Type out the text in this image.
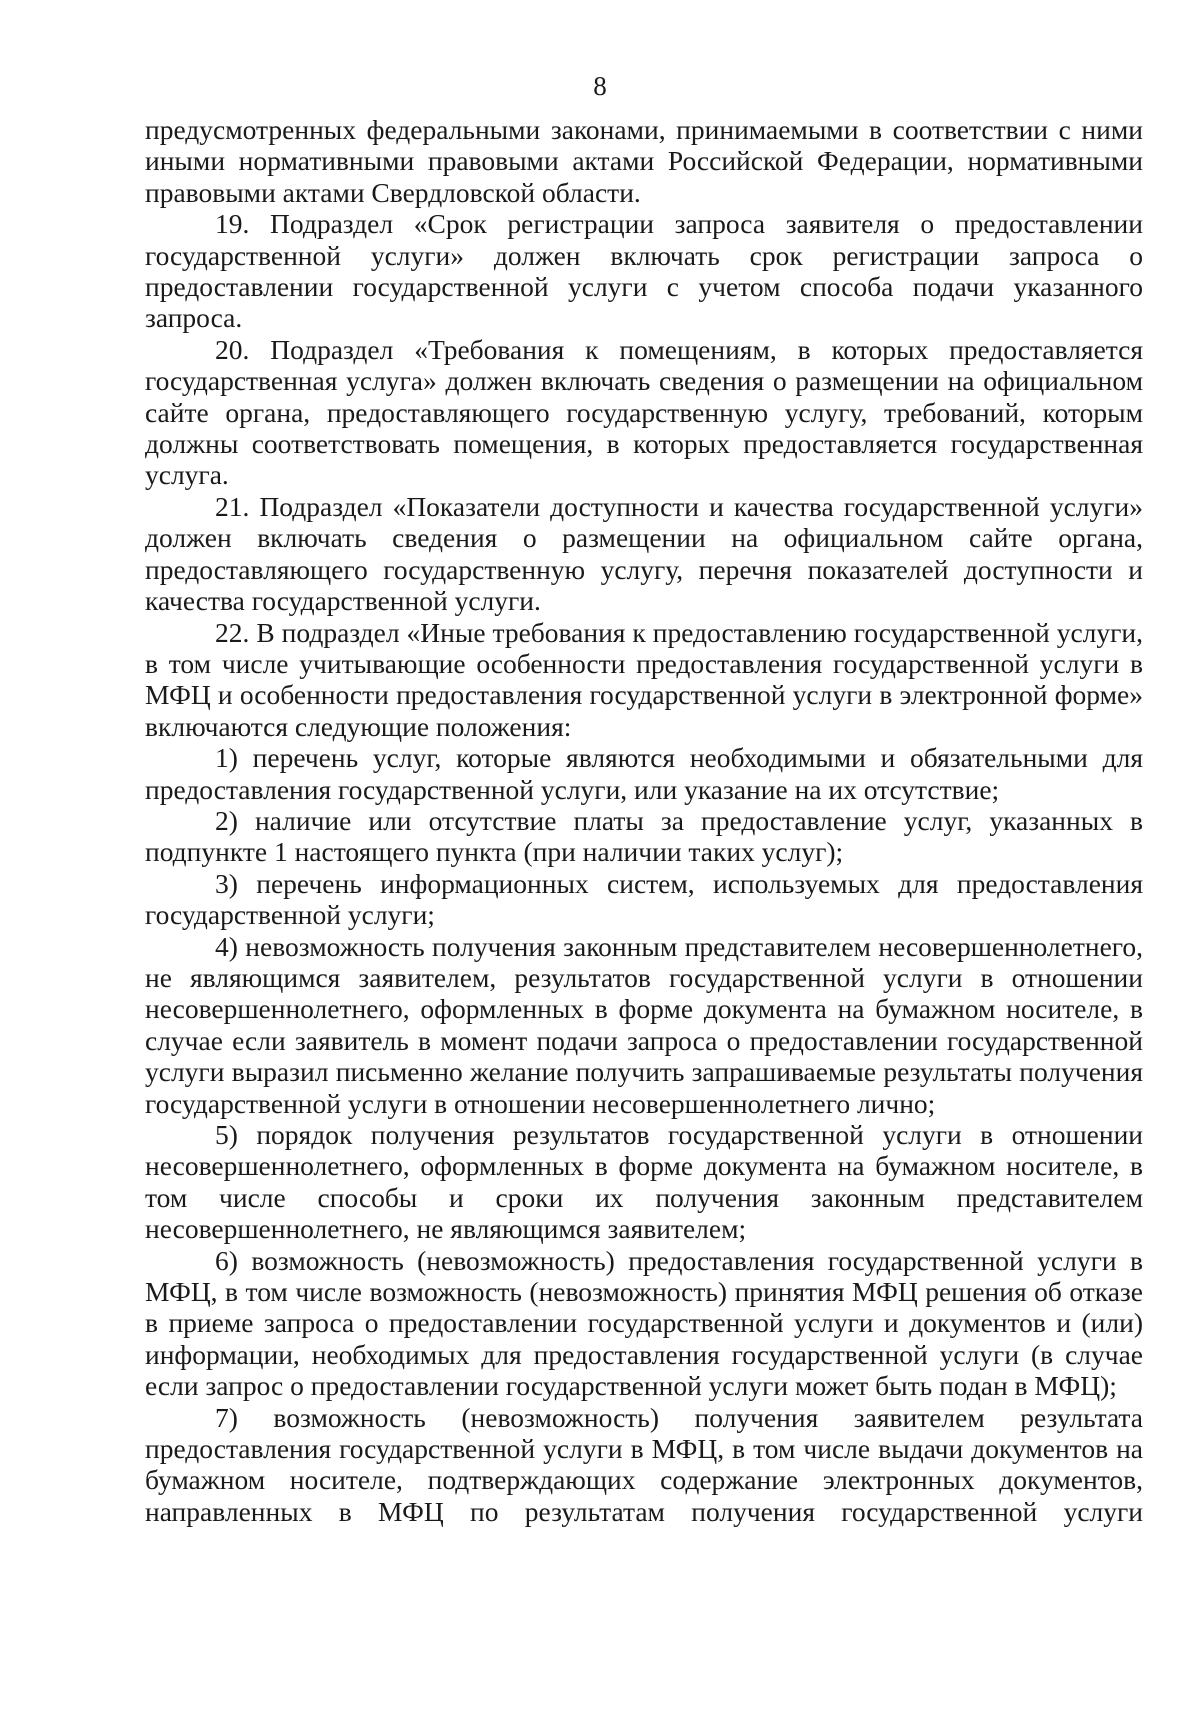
8

предусмотренных федеральными законами, принимаемыми в соответствии с ними иными нормативными правовыми актами Российской Федерации, нормативными правовыми актами Свердловской области.

19. Подраздел «Срок регистрации запроса заявителя о предоставлении государственной услуги» должен включать срок регистрации запроса о предоставлении государственной услуги с учетом способа подачи указанного запроса.

20. Подраздел «Требования к помещениям, в которых предоставляется государственная услуга» должен включать сведения о размещении на официальном сайте органа, предоставляющего государственную услугу, требований, которым должны соответствовать помещения, в которых предоставляется государственная услуга.

21. Подраздел «Показатели доступности и качества государственной услуги» должен включать сведения о размещении на официальном сайте органа, предоставляющего государственную услугу, перечня показателей доступности и качества государственной услуги.

22. В подраздел «Иные требования к предоставлению государственной услуги, в том числе учитывающие особенности предоставления государственной услуги в МФЦ и особенности предоставления государственной услуги в электронной форме» включаются следующие положения:

1) перечень услуг, которые являются необходимыми и обязательными для предоставления государственной услуги, или указание на их отсутствие;

2) наличие или отсутствие платы за предоставление услуг, указанных в подпункте 1 настоящего пункта (при наличии таких услуг);

3) перечень информационных систем, используемых для предоставления государственной услуги;

4) невозможность получения законным представителем несовершеннолетнего, не являющимся заявителем, результатов государственной услуги в отношении несовершеннолетнего, оформленных в форме документа на бумажном носителе, в случае если заявитель в момент подачи запроса о предоставлении государственной услуги выразил письменно желание получить запрашиваемые результаты получения государственной услуги в отношении несовершеннолетнего лично;

5) порядок получения результатов государственной услуги в отношении несовершеннолетнего, оформленных в форме документа на бумажном носителе, в том числе способы и сроки их получения законным представителем несовершеннолетнего, не являющимся заявителем;

6) возможность (невозможность) предоставления государственной услуги в МФЦ, в том числе возможность (невозможность) принятия МФЦ решения об отказе в приеме запроса о предоставлении государственной услуги и документов и (или) информации, необходимых для предоставления государственной услуги (в случае если запрос о предоставлении государственной услуги может быть подан в МФЦ);

7) возможность (невозможность) получения заявителем результата предоставления государственной услуги в МФЦ, в том числе выдачи документов на бумажном носителе, подтверждающих содержание электронных документов, направленных в МФЦ по результатам получения государственной услуги
